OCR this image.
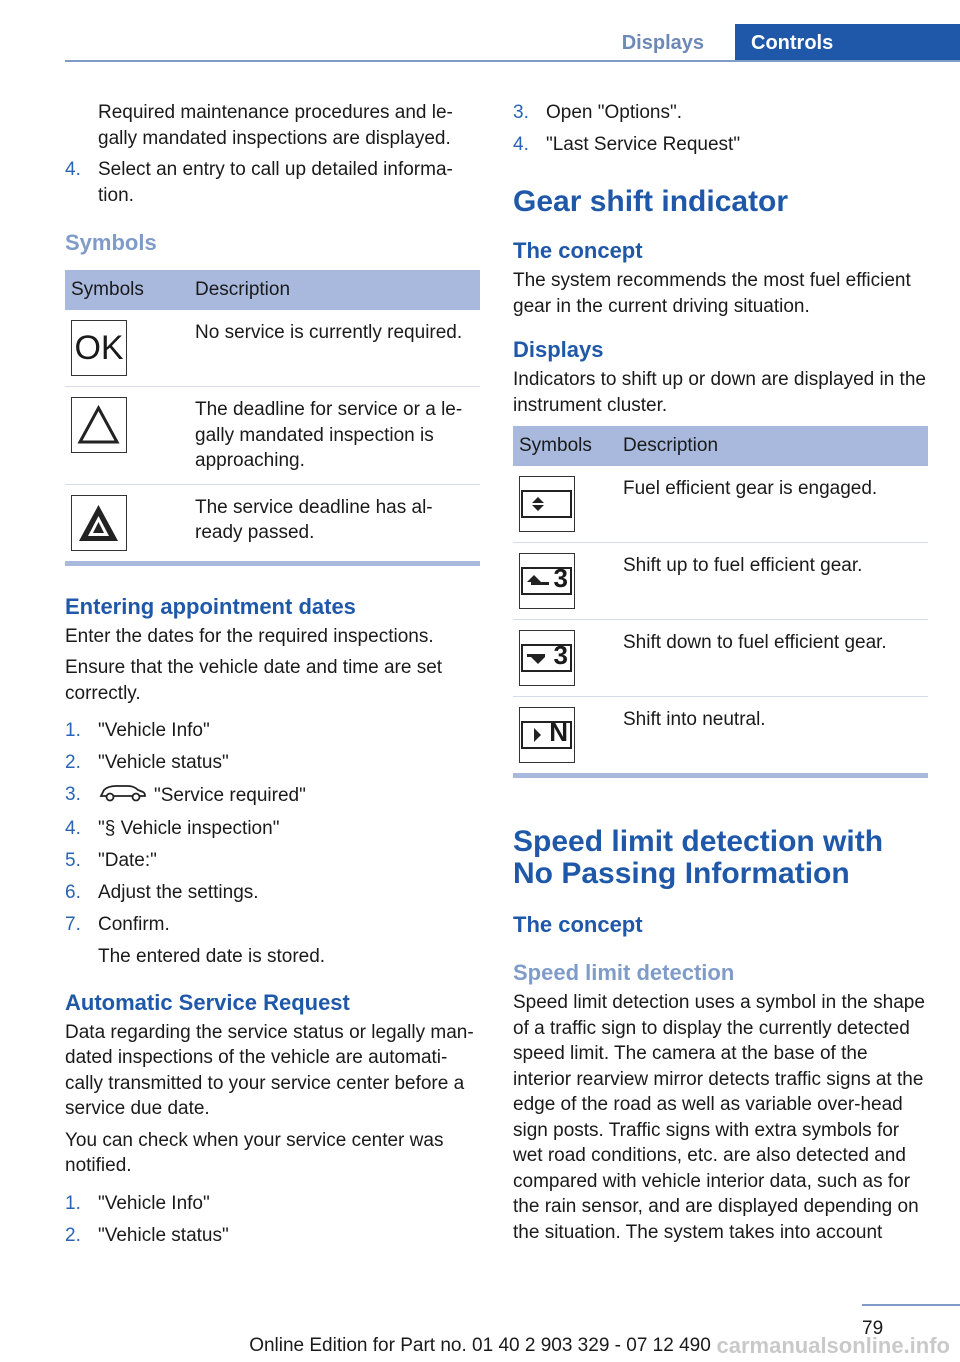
Displays	Controls

Required maintenance procedures and le-gally mandated inspections are displayed.

4. Select an entry to call up detailed informa-tion.
Symbols
Symbols	Description

OK	No service is currently required.

	The deadline for service or a le-gally mandated inspection is approaching.

	The service deadline has al-ready passed.
Entering appointment dates

Enter the dates for the required inspections.

Ensure that the vehicle date and time are set correctly.

1. "Vehicle Info"
2. "Vehicle status"
3.	"Service required"
4. "§ Vehicle inspection"
5. "Date:"
6. Adjust the settings.
7. Confirm.
The entered date is stored.
Automatic Service Request

Data regarding the service status or legally man-dated inspections of the vehicle are automati-cally transmitted to your service center before a service due date.

You can check when your service center was notified.

1. "Vehicle Info"
2. "Vehicle status"
3. Open "Options".
4. "Last Service Request"
Gear shift indicator
The concept

The system recommends the most fuel efficient gear in the current driving situation.

Displays

Indicators to shift up or down are displayed in the instrument cluster.

Symbols	Description

	Fuel efficient gear is engaged.

3	Shift up to fuel efficient gear.

3	Shift down to fuel efficient gear.

N	Shift into neutral.
Speed limit detection with No Passing Information
The concept
Speed limit detection

Speed limit detection uses a symbol in the shape of a traffic sign to display the currently detected speed limit. The camera at the base of the interior rearview mirror detects traffic signs at the edge of the road as well as variable over-head sign posts. Traffic signs with extra symbols for wet road conditions, etc. are also detected and compared with vehicle interior data, such as for the rain sensor, and are displayed depending on the situation. The system takes into account

79
Online Edition for Part no. 01 40 2 903 329 - 07 12 490 carmanualsonline.info
